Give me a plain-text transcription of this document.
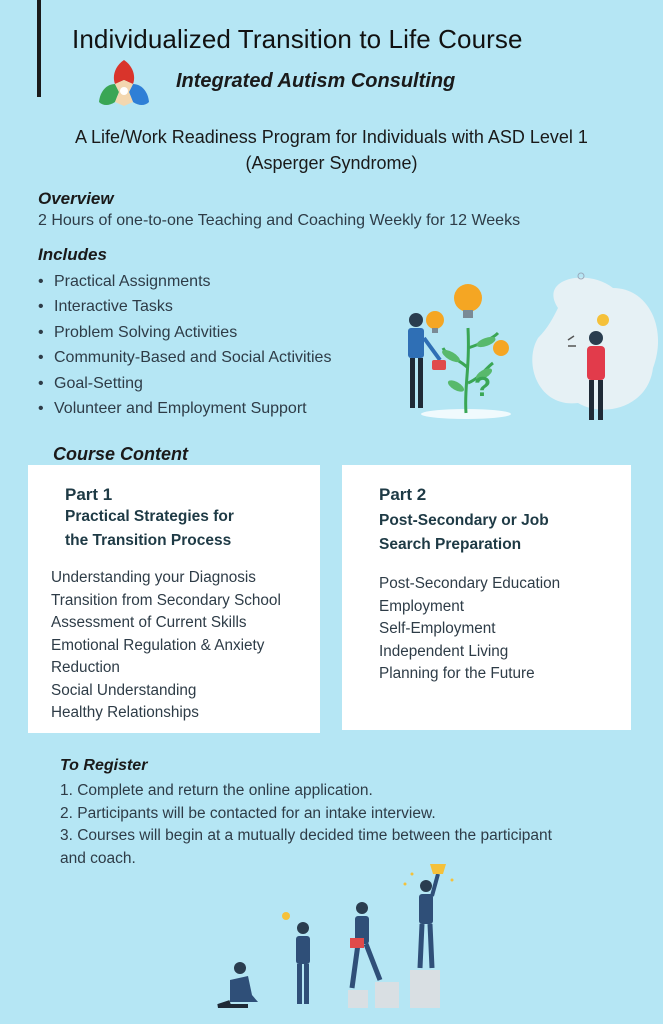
Individualized Transition to Life Course
Integrated Autism Consulting
A Life/Work Readiness Program for Individuals with ASD Level 1
(Asperger Syndrome)
Overview
2 Hours of one-to-one Teaching and Coaching Weekly for 12 Weeks
Includes
• Practical Assignments
• Interactive Tasks
• Problem Solving Activities
• Community-Based and Social Activities
• Goal-Setting
• Volunteer and Employment Support
?
Course Content
Part 1
Practical Strategies for
the Transition Process
Understanding your Diagnosis
Transition from Secondary School
Assessment of Current Skills
Emotional Regulation & Anxiety
Reduction
Social Understanding
Healthy Relationships
Part 2
Post-Secondary or Job
Search Preparation
Post-Secondary Education
Employment
Self-Employment
Independent Living
Planning for the Future
To Register
1. Complete and return the online application.
2. Participants will be contacted for an intake interview.
3. Courses will begin at a mutually decided time between the participant and coach.
